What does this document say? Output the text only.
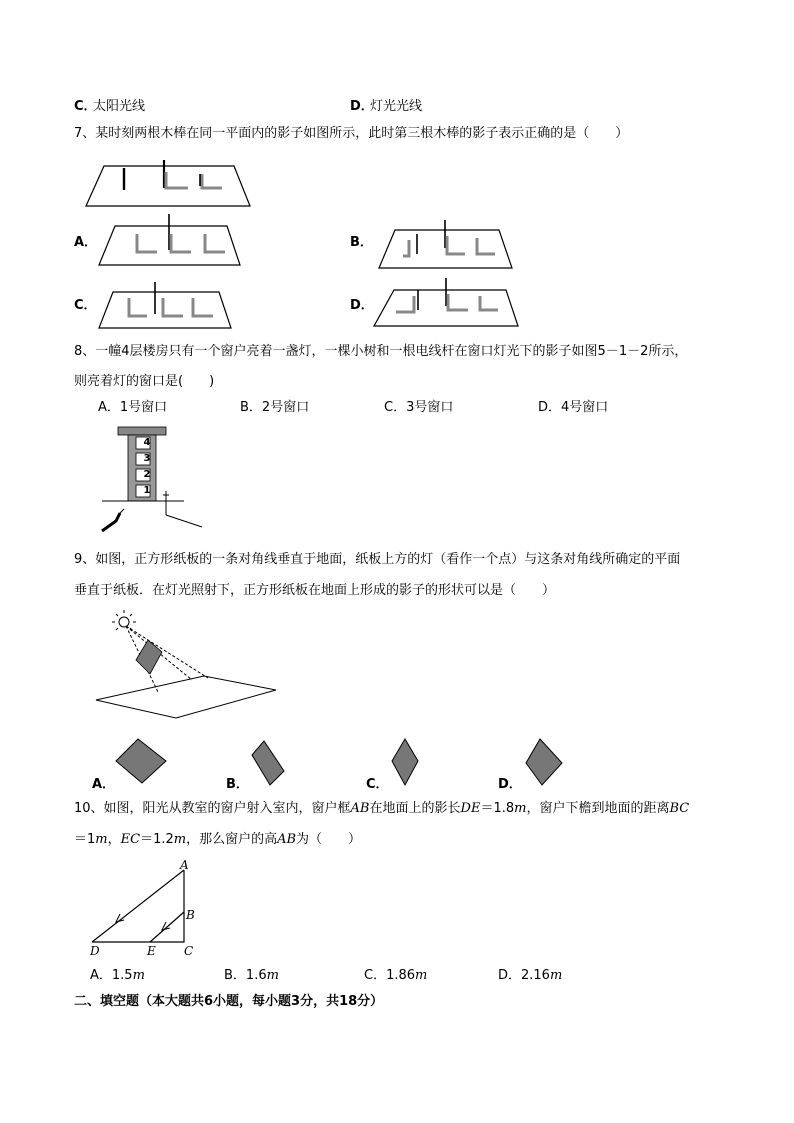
C．
太阳光线	D．
灯光光线
7、某时刻两根木棒在同一平面内的影子如图所示，此时第三根木棒的影子表示正确的是（　　）
A．	B．
C．	D．
8、一幢4层楼房只有一个窗户亮着一盏灯，一棵小树和一根电线杆在窗口灯光下的影子如图5－1－2所示，
则亮着灯的窗口是(　　)
A．1号窗口	B．2号窗口	C．3号窗口	D．4号窗口
4
3
2
1
9、如图，正方形纸板的一条对角线垂直于地面，纸板上方的灯（看作一个点）与这条对角线所确定的平面
垂直于纸板．在灯光照射下，正方形纸板在地面上形成的影子的形状可以是（　　）
A．	B．	C．	D．
10、如图，阳光从教室的窗户射入室内，窗户框AB在地面上的影长DE＝1.8m，窗户下檐到地面的距离BC
＝1m，EC＝1.2m，那么窗户的高AB为（　　）
A
B
C
D	E
A．1.5m	B．1.6m	C．1.86m	D．2.16m
二、填空题（本大题共6小题，每小题3分，共18分）
